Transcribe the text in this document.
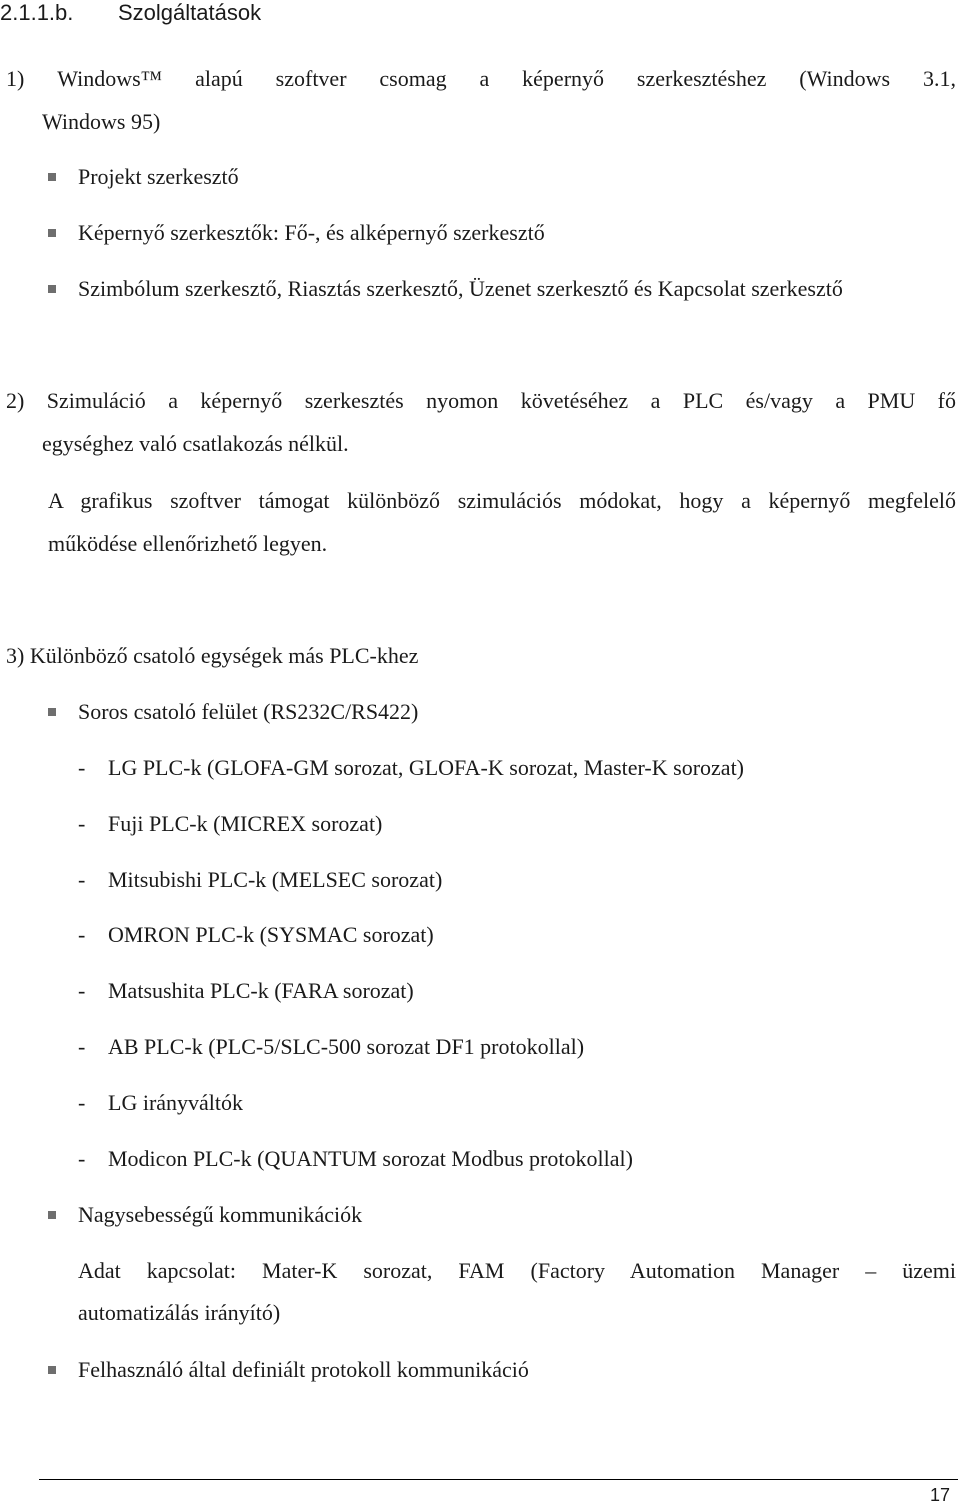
2.1.1.b. Szolgáltatások
1) Windows™ alapú szoftver csomag a képernyő szerkesztéshez (Windows 3.1,
Windows 95)
Projekt szerkesztő
Képernyő szerkesztők: Fő-, és alképernyő szerkesztő
Szimbólum szerkesztő, Riasztás szerkesztő, Üzenet szerkesztő és Kapcsolat szerkesztő
2) Szimuláció a képernyő szerkesztés nyomon követéséhez a PLC és/vagy a PMU fő
egységhez való csatlakozás nélkül.
A grafikus szoftver támogat különböző szimulációs módokat, hogy a képernyő megfelelő
működése ellenőrizhető legyen.
3) Különböző csatoló egységek más PLC-khez
Soros csatoló felület (RS232C/RS422)
- LG PLC-k (GLOFA-GM sorozat, GLOFA-K sorozat, Master-K sorozat)
- Fuji PLC-k (MICREX sorozat)
- Mitsubishi PLC-k (MELSEC sorozat)
- OMRON PLC-k (SYSMAC sorozat)
- Matsushita PLC-k (FARA sorozat)
- AB PLC-k (PLC-5/SLC-500 sorozat DF1 protokollal)
- LG irányváltók
- Modicon PLC-k (QUANTUM sorozat Modbus protokollal)
Nagysebességű kommunikációk
Adat kapcsolat: Mater-K sorozat, FAM (Factory Automation Manager – üzemi
automatizálás irányító)
Felhasználó által definiált protokoll kommunikáció
17
